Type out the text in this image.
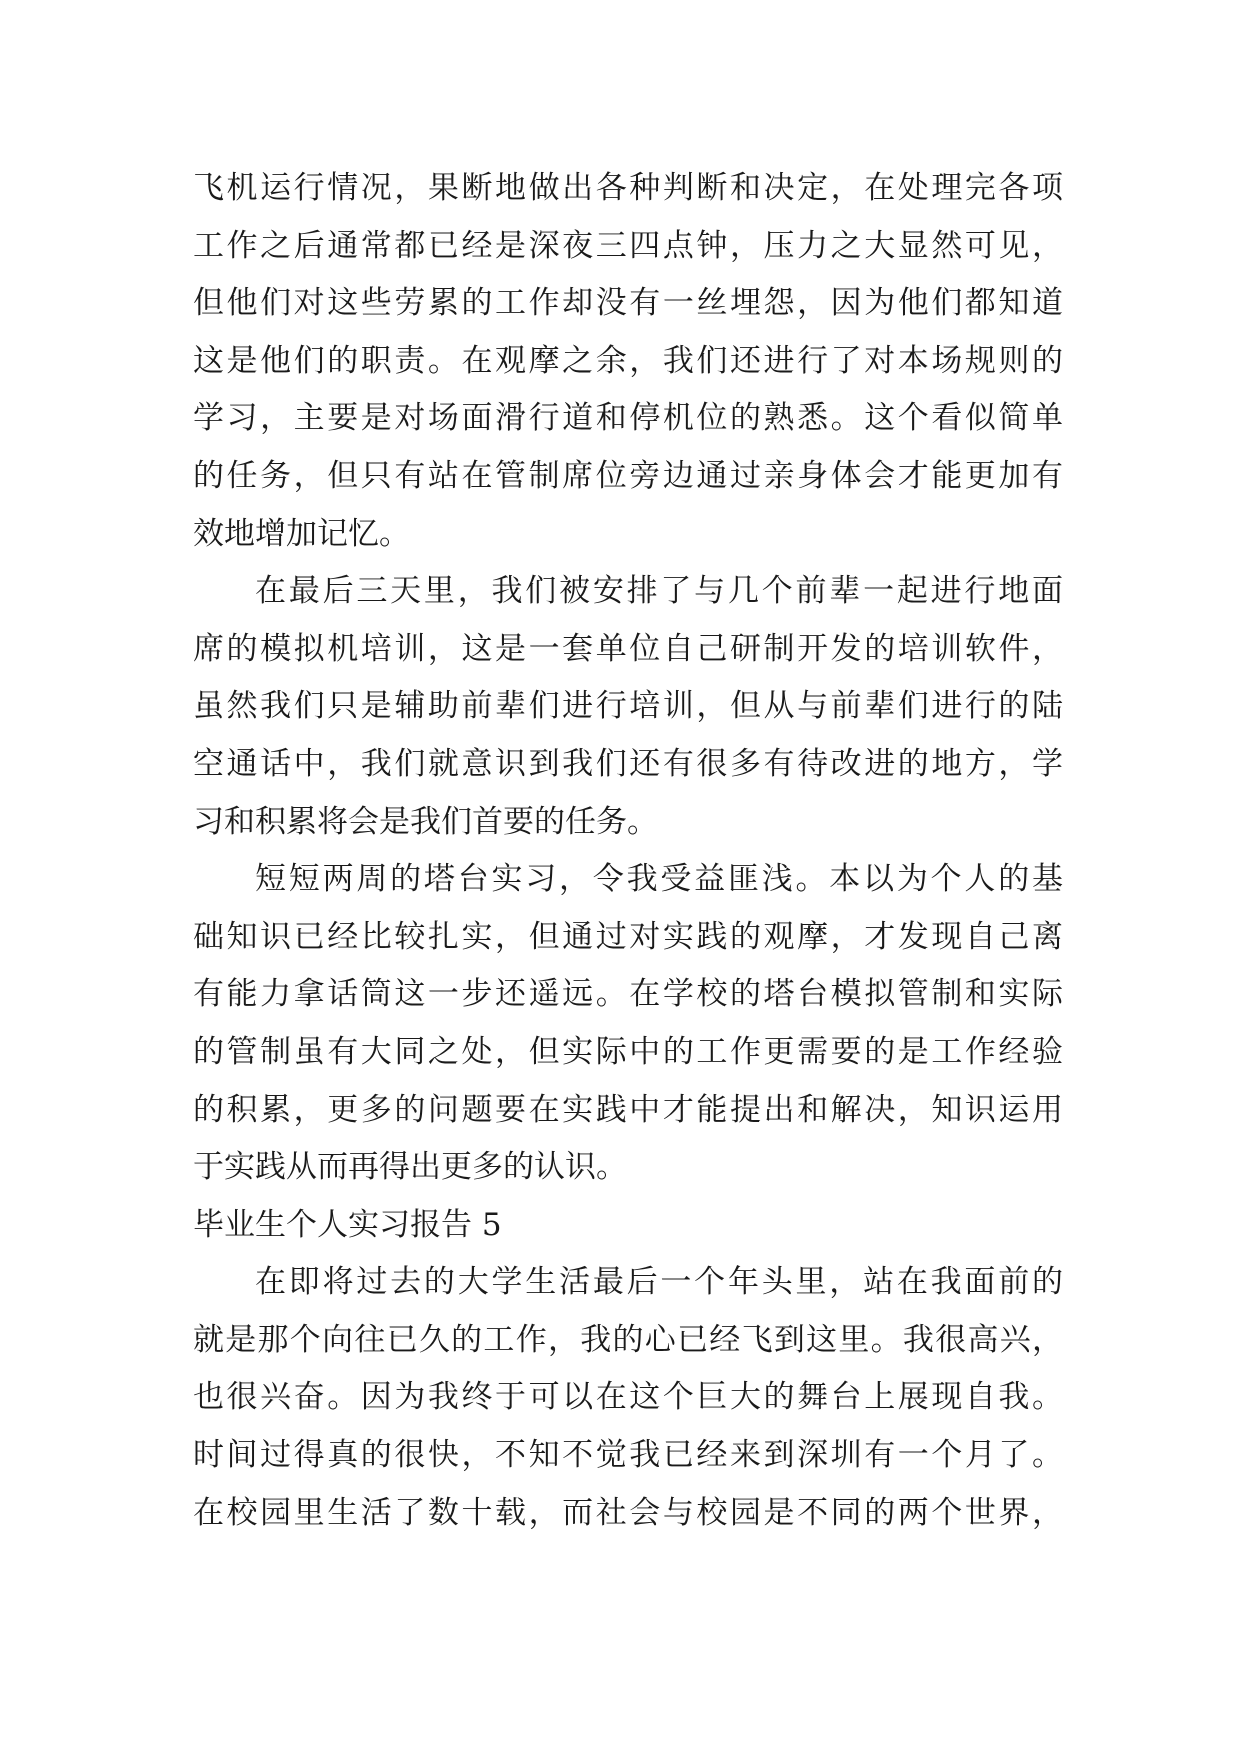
飞机运行情况，果断地做出各种判断和决定，在处理完各项
工作之后通常都已经是深夜三四点钟，压力之大显然可见，
但他们对这些劳累的工作却没有一丝埋怨，因为他们都知道
这是他们的职责。在观摩之余，我们还进行了对本场规则的
学习，主要是对场面滑行道和停机位的熟悉。这个看似简单
的任务，但只有站在管制席位旁边通过亲身体会才能更加有
效地增加记忆。
在最后三天里，我们被安排了与几个前辈一起进行地面
席的模拟机培训，这是一套单位自己研制开发的培训软件，
虽然我们只是辅助前辈们进行培训，但从与前辈们进行的陆
空通话中，我们就意识到我们还有很多有待改进的地方，学
习和积累将会是我们首要的任务。
短短两周的塔台实习，令我受益匪浅。本以为个人的基
础知识已经比较扎实，但通过对实践的观摩，才发现自己离
有能力拿话筒这一步还遥远。在学校的塔台模拟管制和实际
的管制虽有大同之处，但实际中的工作更需要的是工作经验
的积累，更多的问题要在实践中才能提出和解决，知识运用
于实践从而再得出更多的认识。
毕业生个人实习报告 5
在即将过去的大学生活最后一个年头里，站在我面前的
就是那个向往已久的工作，我的心已经飞到这里。我很高兴，
也很兴奋。因为我终于可以在这个巨大的舞台上展现自我。
时间过得真的很快，不知不觉我已经来到深圳有一个月了。
在校园里生活了数十载，而社会与校园是不同的两个世界，
